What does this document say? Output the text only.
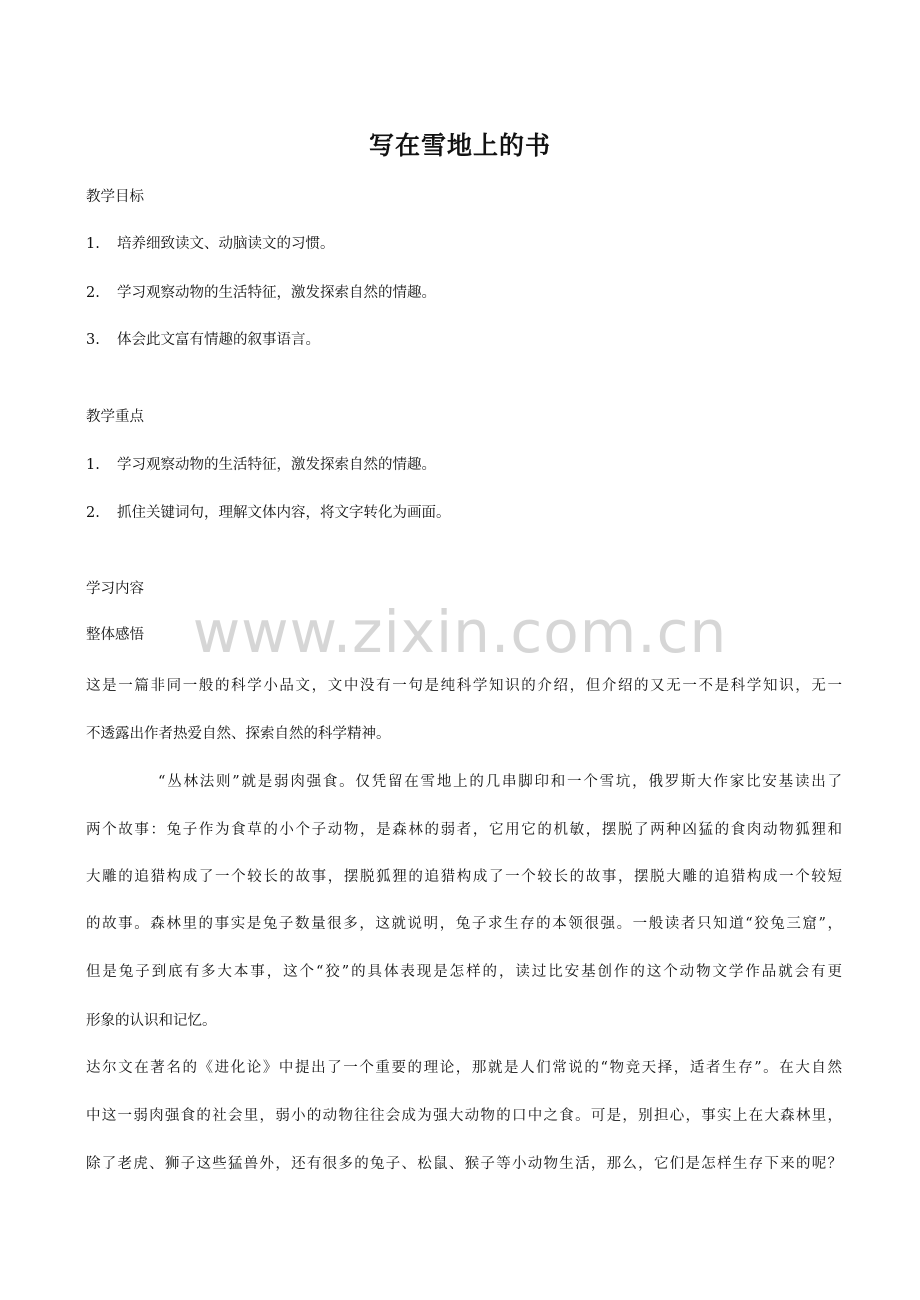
www.zixin.com.cn
写在雪地上的书
教学目标
1. 培养细致读文、动脑读文的习惯。
2. 学习观察动物的生活特征，激发探索自然的情趣。
3. 体会此文富有情趣的叙事语言。
教学重点
1. 学习观察动物的生活特征，激发探索自然的情趣。
2. 抓住关键词句，理解文体内容，将文字转化为画面。
学习内容
整体感悟
这是一篇非同一般的科学小品文，文中没有一句是纯科学知识的介绍，但介绍的又无一不是科学知识，无一
不透露出作者热爱自然、探索自然的科学精神。
“丛林法则”就是弱肉强食。仅凭留在雪地上的几串脚印和一个雪坑，俄罗斯大作家比安基读出了
两个故事：兔子作为食草的小个子动物，是森林的弱者，它用它的机敏，摆脱了两种凶猛的食肉动物狐狸和
大雕的追猎构成了一个较长的故事，摆脱狐狸的追猎构成了一个较长的故事，摆脱大雕的追猎构成一个较短
的故事。森林里的事实是兔子数量很多，这就说明，兔子求生存的本领很强。一般读者只知道“狡兔三窟”，
但是兔子到底有多大本事，这个“狡”的具体表现是怎样的，读过比安基创作的这个动物文学作品就会有更
形象的认识和记忆。
达尔文在著名的《进化论》中提出了一个重要的理论，那就是人们常说的“物竞天择，适者生存”。在大自然
中这一弱肉强食的社会里，弱小的动物往往会成为强大动物的口中之食。可是，别担心，事实上在大森林里，
除了老虎、狮子这些猛兽外，还有很多的兔子、松鼠、猴子等小动物生活，那么，它们是怎样生存下来的呢？
